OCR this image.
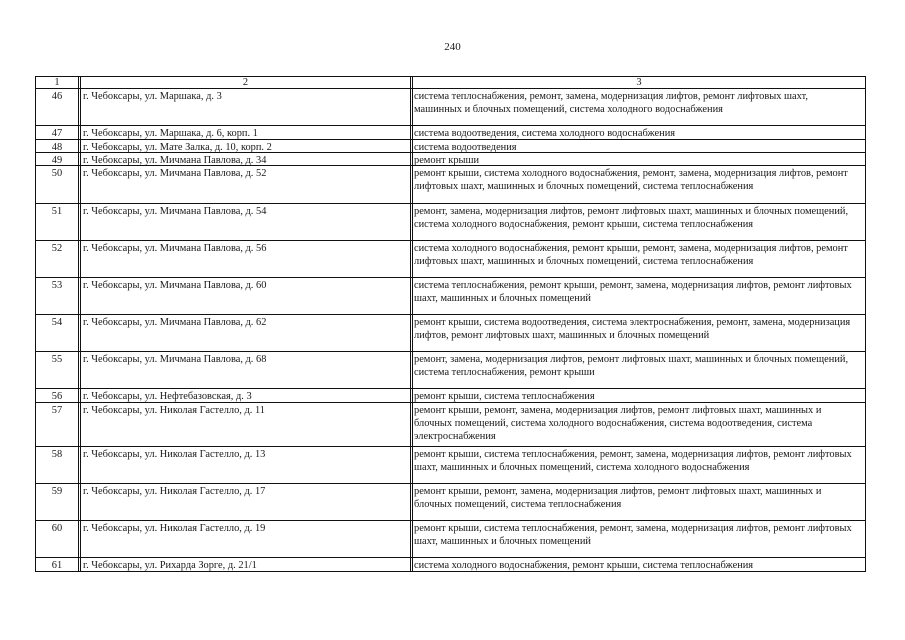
240
1	2	3
46	г. Чебоксары, ул. Маршака, д. 3	система теплоснабжения, ремонт, замена, модернизация лифтов, ремонт лифтовых шахт,
машинных и блочных помещений, система холодного водоснабжения
47	г. Чебоксары, ул. Маршака, д. 6, корп. 1	система водоотведения, система холодного водоснабжения
48	г. Чебоксары, ул. Мате Залка, д. 10, корп. 2	система водоотведения
49	г. Чебоксары, ул. Мичмана Павлова, д. 34	ремонт крыши
50	г. Чебоксары, ул. Мичмана Павлова, д. 52	ремонт крыши, система холодного водоснабжения, ремонт, замена, модернизация лифтов, ремонт
лифтовых шахт, машинных и блочных помещений, система теплоснабжения
51	г. Чебоксары, ул. Мичмана Павлова, д. 54	ремонт, замена, модернизация лифтов, ремонт лифтовых шахт, машинных и блочных помещений,
система холодного водоснабжения, ремонт крыши, система теплоснабжения
52	г. Чебоксары, ул. Мичмана Павлова, д. 56	система холодного водоснабжения, ремонт крыши, ремонт, замена, модернизация лифтов, ремонт
лифтовых шахт, машинных и блочных помещений, система теплоснабжения
53	г. Чебоксары, ул. Мичмана Павлова, д. 60	система теплоснабжения, ремонт крыши, ремонт, замена, модернизация лифтов, ремонт лифтовых
шахт, машинных и блочных помещений
54	г. Чебоксары, ул. Мичмана Павлова, д. 62	ремонт крыши, система водоотведения, система электроснабжения, ремонт, замена, модернизация
лифтов, ремонт лифтовых шахт, машинных и блочных помещений
55	г. Чебоксары, ул. Мичмана Павлова, д. 68	ремонт, замена, модернизация лифтов, ремонт лифтовых шахт, машинных и блочных помещений,
система теплоснабжения, ремонт крыши
56	г. Чебоксары, ул. Нефтебазовская, д. 3	ремонт крыши, система теплоснабжения
57	г. Чебоксары, ул. Николая Гастелло, д. 11	ремонт крыши, ремонт, замена, модернизация лифтов, ремонт лифтовых шахт, машинных и
блочных помещений, система холодного водоснабжения, система водоотведения, система
электроснабжения
58	г. Чебоксары, ул. Николая Гастелло, д. 13	ремонт крыши, система теплоснабжения, ремонт, замена, модернизация лифтов, ремонт лифтовых
шахт, машинных и блочных помещений, система холодного водоснабжения
59	г. Чебоксары, ул. Николая Гастелло, д. 17	ремонт крыши, ремонт, замена, модернизация лифтов, ремонт лифтовых шахт, машинных и
блочных помещений, система теплоснабжения
60	г. Чебоксары, ул. Николая Гастелло, д. 19	ремонт крыши, система теплоснабжения, ремонт, замена, модернизация лифтов, ремонт лифтовых
шахт, машинных и блочных помещений
61	г. Чебоксары, ул. Рихарда Зорге, д. 21/1	система холодного водоснабжения, ремонт крыши, система теплоснабжения
